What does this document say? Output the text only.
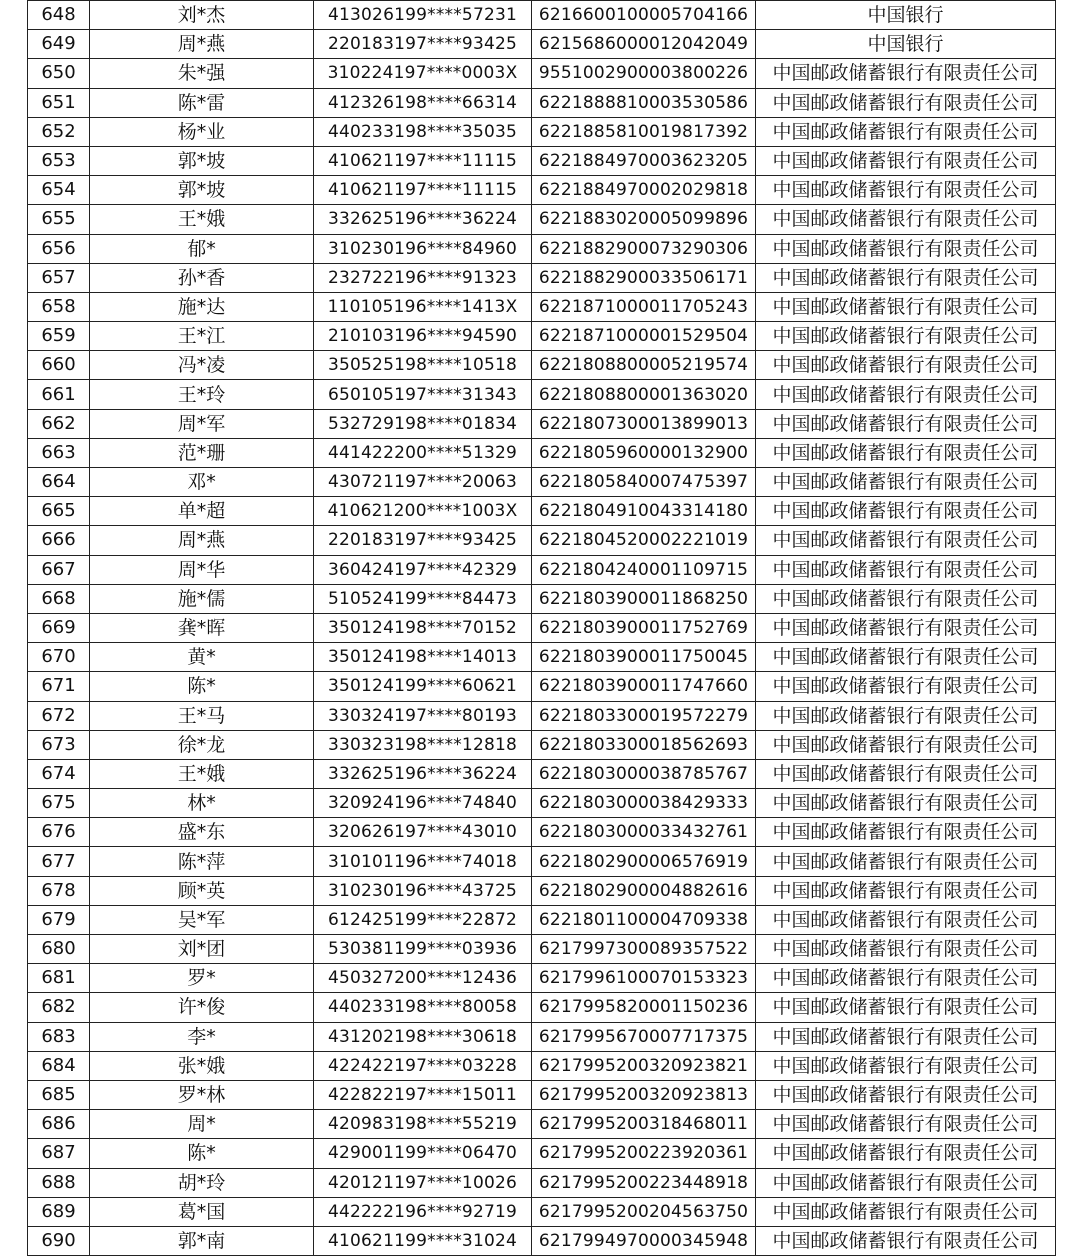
648	刘*杰	413026199****57231	6216600100005704166	中国银行
649	周*燕	220183197****93425	6215686000012042049	中国银行
650	朱*强	310224197****0003X	9551002900003800226	中国邮政储蓄银行有限责任公司
651	陈*雷	412326198****66314	6221888810003530586	中国邮政储蓄银行有限责任公司
652	杨*业	440233198****35035	6221885810019817392	中国邮政储蓄银行有限责任公司
653	郭*坡	410621197****11115	6221884970003623205	中国邮政储蓄银行有限责任公司
654	郭*坡	410621197****11115	6221884970002029818	中国邮政储蓄银行有限责任公司
655	王*娥	332625196****36224	6221883020005099896	中国邮政储蓄银行有限责任公司
656	郁*	310230196****84960	6221882900073290306	中国邮政储蓄银行有限责任公司
657	孙*香	232722196****91323	6221882900033506171	中国邮政储蓄银行有限责任公司
658	施*达	110105196****1413X	6221871000011705243	中国邮政储蓄银行有限责任公司
659	王*江	210103196****94590	6221871000001529504	中国邮政储蓄银行有限责任公司
660	冯*凌	350525198****10518	6221808800005219574	中国邮政储蓄银行有限责任公司
661	王*玲	650105197****31343	6221808800001363020	中国邮政储蓄银行有限责任公司
662	周*军	532729198****01834	6221807300013899013	中国邮政储蓄银行有限责任公司
663	范*珊	441422200****51329	6221805960000132900	中国邮政储蓄银行有限责任公司
664	邓*	430721197****20063	6221805840007475397	中国邮政储蓄银行有限责任公司
665	单*超	410621200****1003X	6221804910043314180	中国邮政储蓄银行有限责任公司
666	周*燕	220183197****93425	6221804520002221019	中国邮政储蓄银行有限责任公司
667	周*华	360424197****42329	6221804240001109715	中国邮政储蓄银行有限责任公司
668	施*儒	510524199****84473	6221803900011868250	中国邮政储蓄银行有限责任公司
669	龚*晖	350124198****70152	6221803900011752769	中国邮政储蓄银行有限责任公司
670	黄*	350124198****14013	6221803900011750045	中国邮政储蓄银行有限责任公司
671	陈*	350124199****60621	6221803900011747660	中国邮政储蓄银行有限责任公司
672	王*马	330324197****80193	6221803300019572279	中国邮政储蓄银行有限责任公司
673	徐*龙	330323198****12818	6221803300018562693	中国邮政储蓄银行有限责任公司
674	王*娥	332625196****36224	6221803000038785767	中国邮政储蓄银行有限责任公司
675	林*	320924196****74840	6221803000038429333	中国邮政储蓄银行有限责任公司
676	盛*东	320626197****43010	6221803000033432761	中国邮政储蓄银行有限责任公司
677	陈*萍	310101196****74018	6221802900006576919	中国邮政储蓄银行有限责任公司
678	顾*英	310230196****43725	6221802900004882616	中国邮政储蓄银行有限责任公司
679	吴*军	612425199****22872	6221801100004709338	中国邮政储蓄银行有限责任公司
680	刘*团	530381199****03936	6217997300089357522	中国邮政储蓄银行有限责任公司
681	罗*	450327200****12436	6217996100070153323	中国邮政储蓄银行有限责任公司
682	许*俊	440233198****80058	6217995820001150236	中国邮政储蓄银行有限责任公司
683	李*	431202198****30618	6217995670007717375	中国邮政储蓄银行有限责任公司
684	张*娥	422422197****03228	6217995200320923821	中国邮政储蓄银行有限责任公司
685	罗*林	422822197****15011	6217995200320923813	中国邮政储蓄银行有限责任公司
686	周*	420983198****55219	6217995200318468011	中国邮政储蓄银行有限责任公司
687	陈*	429001199****06470	6217995200223920361	中国邮政储蓄银行有限责任公司
688	胡*玲	420121197****10026	6217995200223448918	中国邮政储蓄银行有限责任公司
689	葛*国	442222196****92719	6217995200204563750	中国邮政储蓄银行有限责任公司
690	郭*南	410621199****31024	6217994970000345948	中国邮政储蓄银行有限责任公司
